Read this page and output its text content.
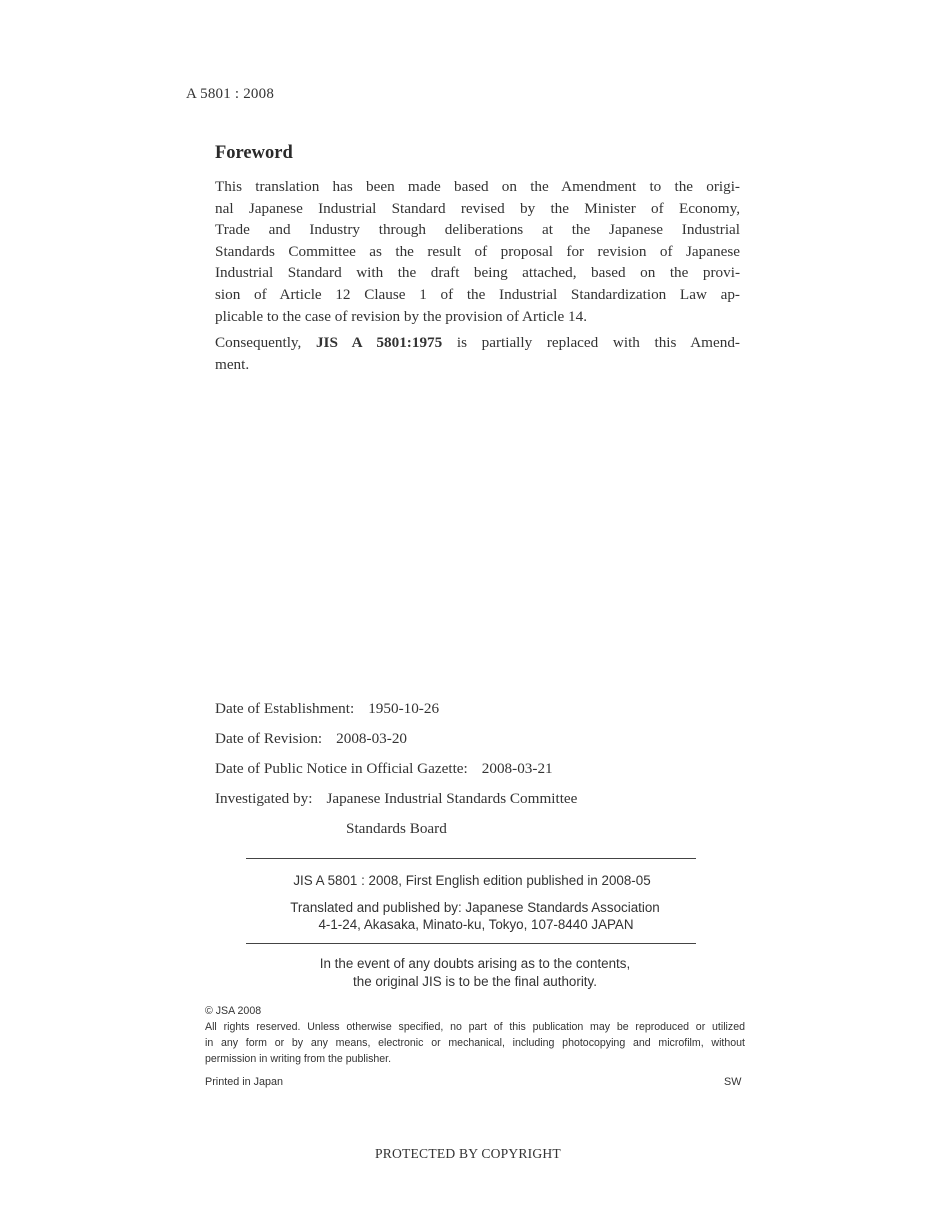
A 5801 : 2008
Foreword
This translation has been made based on the Amendment to the origi-
nal Japanese Industrial Standard revised by the Minister of Economy,
Trade and Industry through deliberations at the Japanese Industrial
Standards Committee as the result of proposal for revision of Japanese
Industrial Standard with the draft being attached, based on the provi-
sion of Article 12 Clause 1 of the Industrial Standardization Law ap-
plicable to the case of revision by the provision of Article 14.
Consequently, JIS A 5801:1975 is partially replaced with this Amend-
ment.
Date of Establishment: 1950-10-26
Date of Revision: 2008-03-20
Date of Public Notice in Official Gazette: 2008-03-21
Investigated by: Japanese Industrial Standards Committee
Standards Board
JIS A 5801 : 2008, First English edition published in 2008-05
Translated and published by: Japanese Standards Association
4-1-24, Akasaka, Minato-ku, Tokyo, 107-8440 JAPAN
In the event of any doubts arising as to the contents,
the original JIS is to be the final authority.
© JSA 2008
All rights reserved. Unless otherwise specified, no part of this publication may be reproduced or utilized
in any form or by any means, electronic or mechanical, including photocopying and microfilm, without
permission in writing from the publisher.
Printed in Japan	SW
PROTECTED BY COPYRIGHT
